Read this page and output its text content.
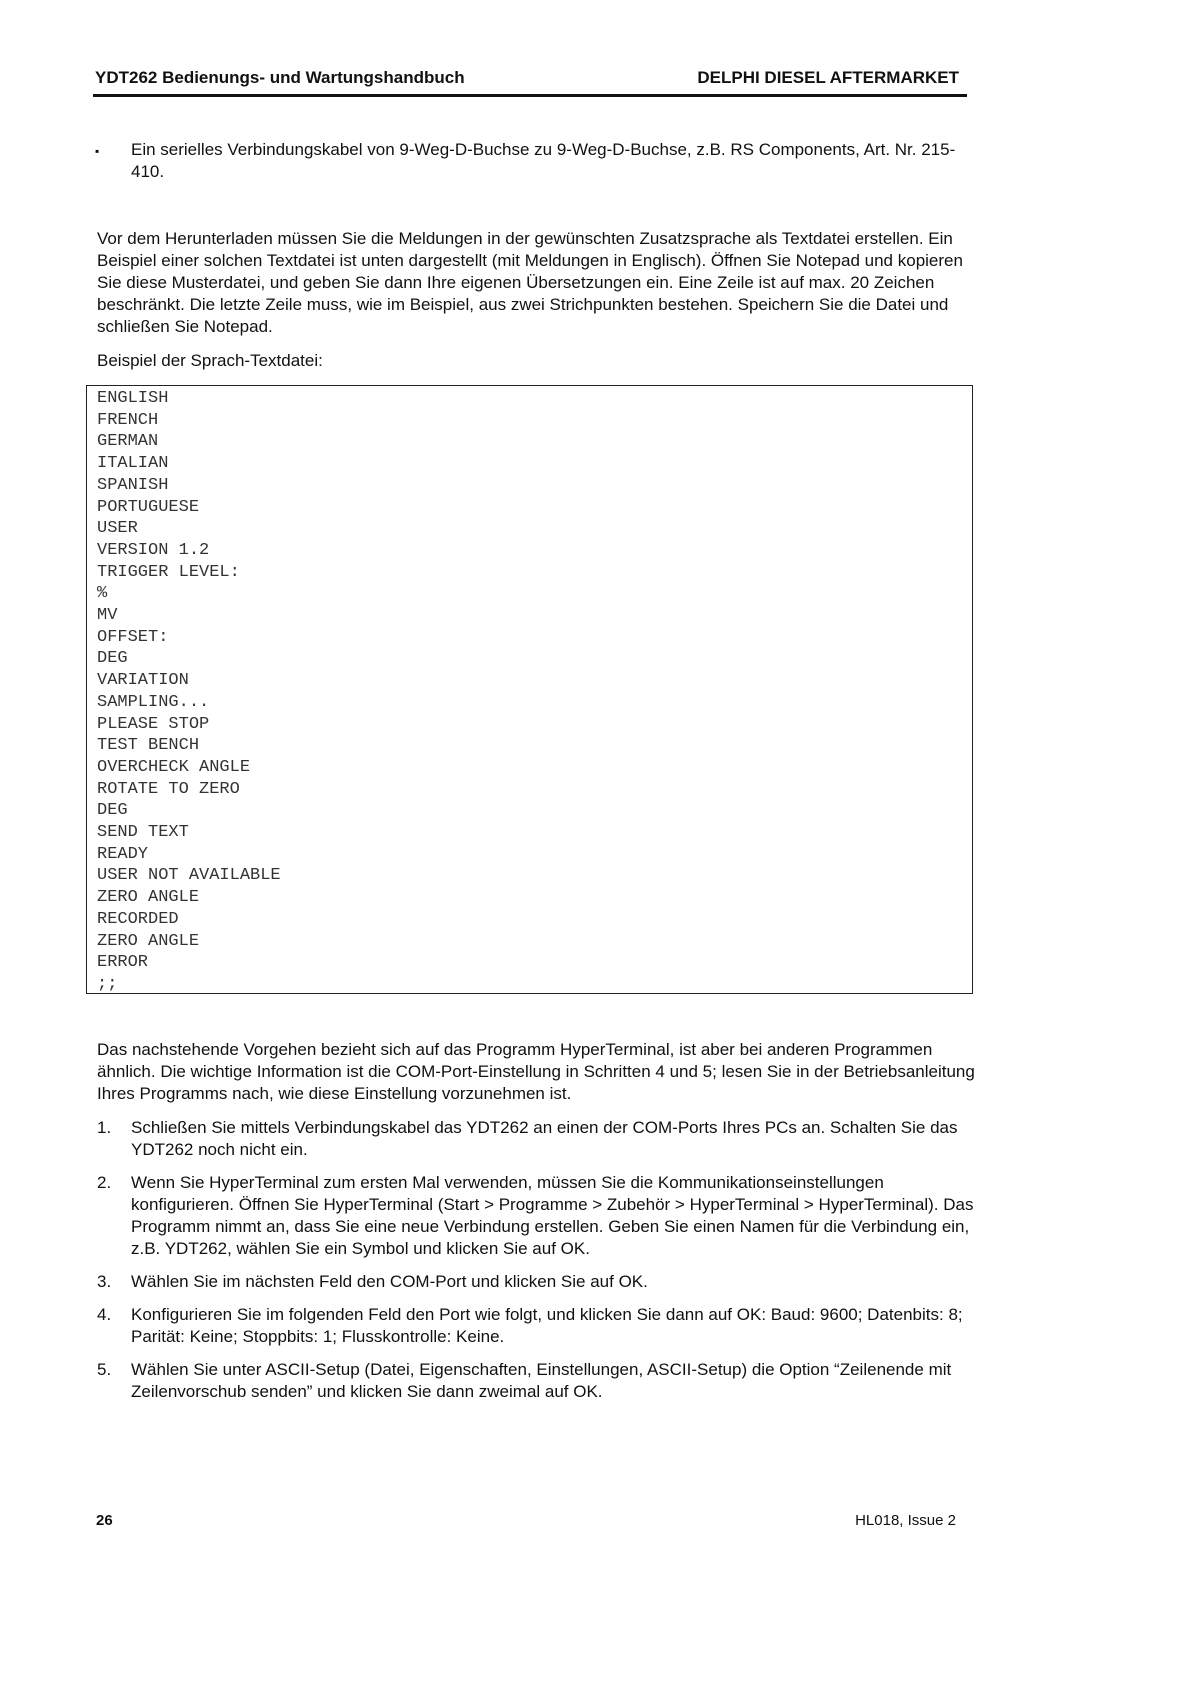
YDT262 Bedienungs- und Wartungshandbuch	DELPHI DIESEL AFTERMARKET
▪ Ein serielles Verbindungskabel von 9-Weg-D-Buchse zu 9-Weg-D-Buchse, z.B. RS Components, Art. Nr. 215-410.
Vor dem Herunterladen müssen Sie die Meldungen in der gewünschten Zusatzsprache als Textdatei erstellen. Ein Beispiel einer solchen Textdatei ist unten dargestellt (mit Meldungen in Englisch). Öffnen Sie Notepad und kopieren Sie diese Musterdatei, und geben Sie dann Ihre eigenen Übersetzungen ein. Eine Zeile ist auf max. 20 Zeichen beschränkt. Die letzte Zeile muss, wie im Beispiel, aus zwei Strichpunkten bestehen. Speichern Sie die Datei und schließen Sie Notepad.
Beispiel der Sprach-Textdatei:
ENGLISH
FRENCH
GERMAN
ITALIAN
SPANISH
PORTUGUESE
USER
VERSION 1.2
TRIGGER LEVEL:
%
MV
OFFSET:
DEG
VARIATION
SAMPLING...
PLEASE STOP
TEST BENCH
OVERCHECK ANGLE
ROTATE TO ZERO
DEG
SEND TEXT
READY
USER NOT AVAILABLE
ZERO ANGLE
RECORDED
ZERO ANGLE
ERROR
;;
Das nachstehende Vorgehen bezieht sich auf das Programm HyperTerminal, ist aber bei anderen Programmen ähnlich. Die wichtige Information ist die COM-Port-Einstellung in Schritten 4 und 5; lesen Sie in der Betriebsanleitung Ihres Programms nach, wie diese Einstellung vorzunehmen ist.
1. Schließen Sie mittels Verbindungskabel das YDT262 an einen der COM-Ports Ihres PCs an. Schalten Sie das YDT262 noch nicht ein.
2. Wenn Sie HyperTerminal zum ersten Mal verwenden, müssen Sie die Kommunikationseinstellungen konfigurieren. Öffnen Sie HyperTerminal (Start > Programme > Zubehör > HyperTerminal > HyperTerminal). Das Programm nimmt an, dass Sie eine neue Verbindung erstellen. Geben Sie einen Namen für die Verbindung ein, z.B. YDT262, wählen Sie ein Symbol und klicken Sie auf OK.
3. Wählen Sie im nächsten Feld den COM-Port und klicken Sie auf OK.
4. Konfigurieren Sie im folgenden Feld den Port wie folgt, und klicken Sie dann auf OK: Baud: 9600; Datenbits: 8; Parität: Keine; Stoppbits: 1; Flusskontrolle: Keine.
5. Wählen Sie unter ASCII-Setup (Datei, Eigenschaften, Einstellungen, ASCII-Setup) die Option “Zeilenende mit Zeilenvorschub senden” und klicken Sie dann zweimal auf OK.
26	HL018, Issue 2
